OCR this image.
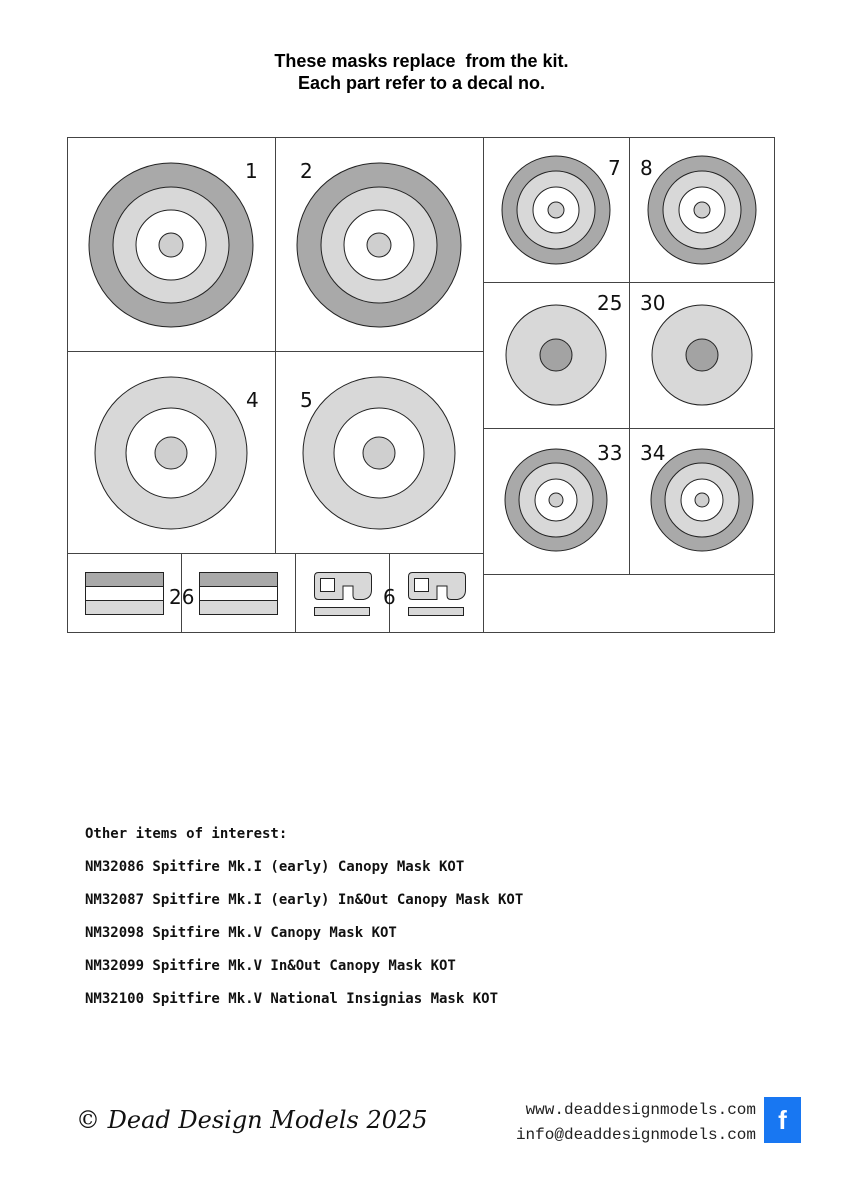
These masks replace  from the kit.
Each part refer to a decal no.
1 2
4 5
7 8
25 30
33 34
26	6
Other items of interest:
NM32086 Spitfire Mk.I (early) Canopy Mask KOT
NM32087 Spitfire Mk.I (early) In&Out Canopy Mask KOT
NM32098 Spitfire Mk.V Canopy Mask KOT
NM32099 Spitfire Mk.V In&Out Canopy Mask KOT
NM32100 Spitfire Mk.V National Insignias Mask KOT
© Dead Design Models 2025	www.deaddesignmodels.com
info@deaddesignmodels.com f
